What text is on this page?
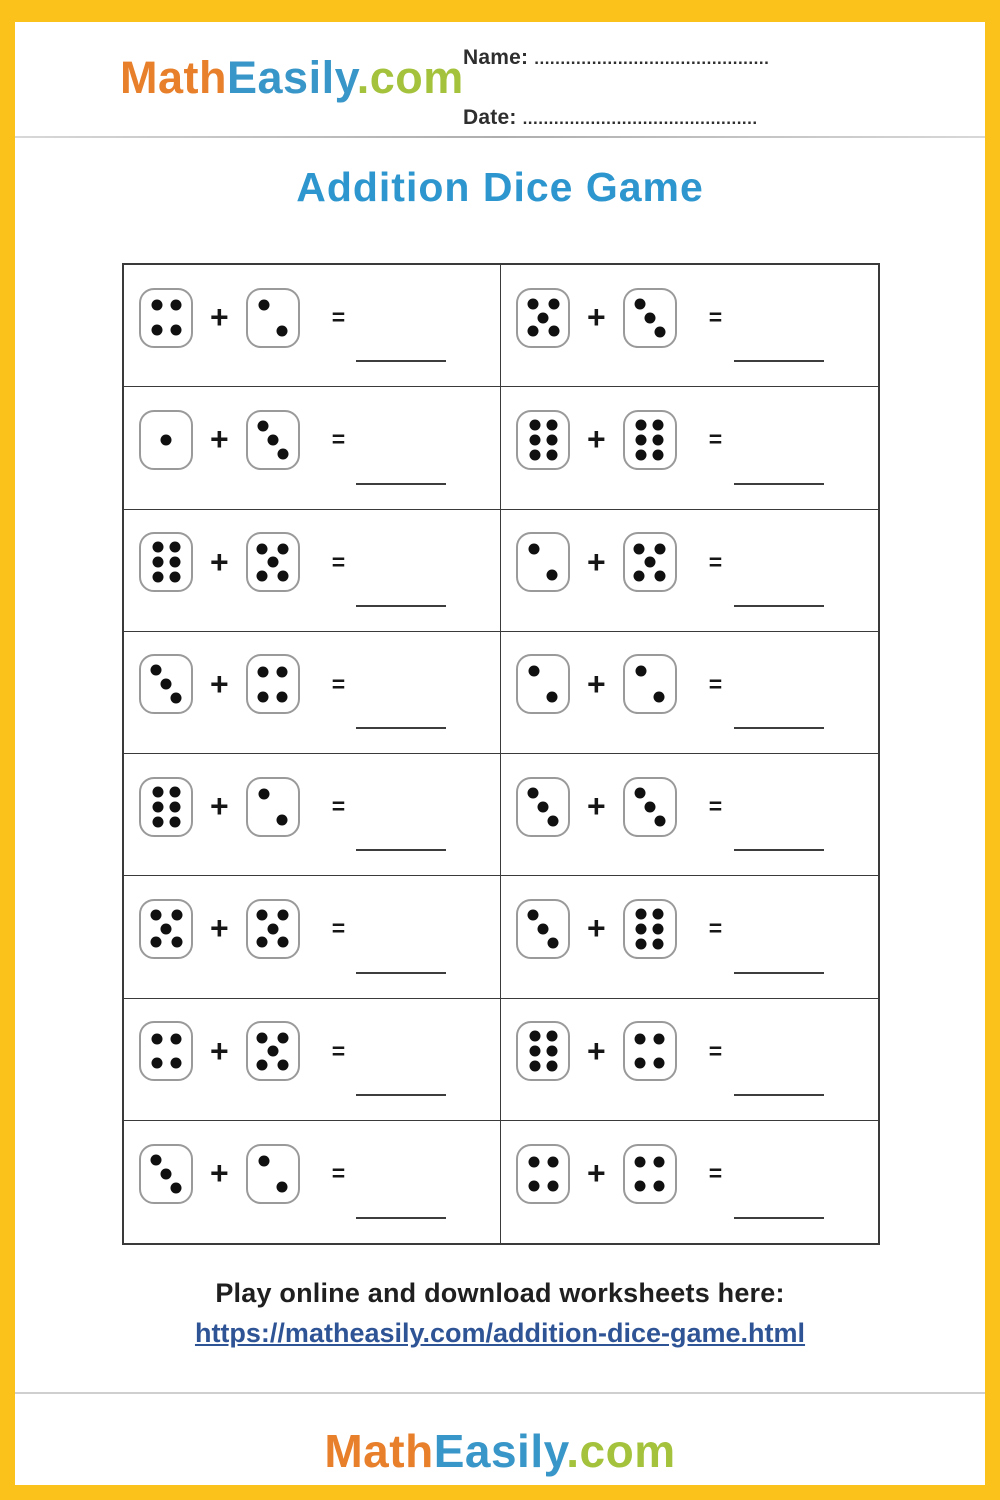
MathEasily.com Name: .............................................
Date: .............................................
Addition Dice Game
+	=	+	=
+	=	+	=
+	=	+	=
+	=	+	=
+	=	+	=
+	=	+	=
+	=	+	=
+	=	+	=
Play online and download worksheets here:
https://matheasily.com/addition-dice-game.html
MathEasily.com
